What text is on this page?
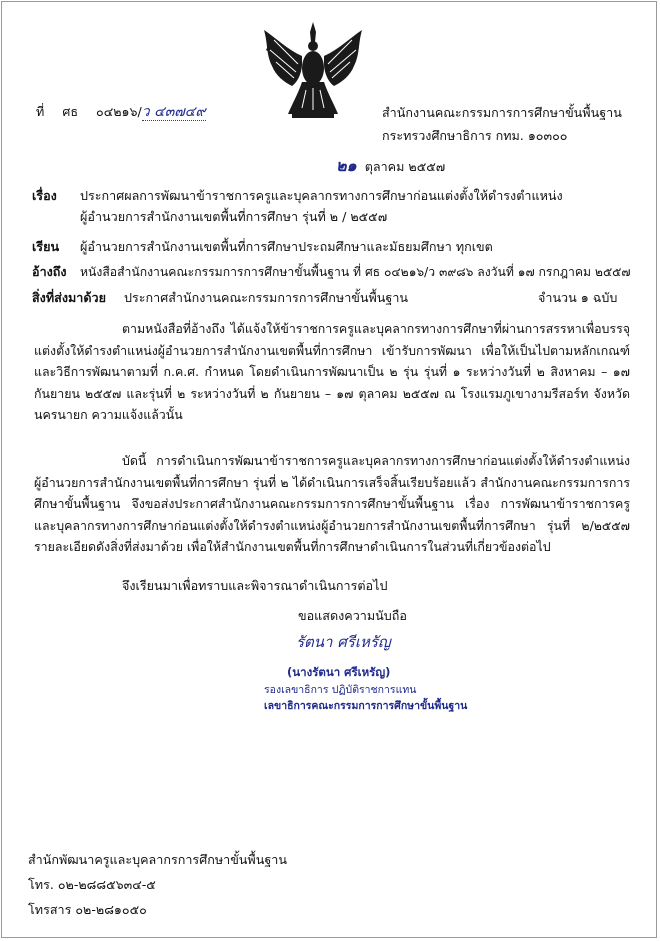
ที่ ศธ ๐๔๒๑๖/ว ๔๓๗๔๙	สำนักงานคณะกรรมการการศึกษาขั้นพื้นฐาน
กระทรวงศึกษาธิการ กทม. ๑๐๓๐๐
๒๑ ตุลาคม ๒๕๕๗
เรื่อง ประกาศผลการพัฒนาข้าราชการครูและบุคลากรทางการศึกษาก่อนแต่งตั้งให้ดำรงตำแหน่ง
ผู้อำนวยการสำนักงานเขตพื้นที่การศึกษา รุ่นที่ ๒ / ๒๕๕๗
เรียน ผู้อำนวยการสำนักงานเขตพื้นที่การศึกษาประถมศึกษาและมัธยมศึกษา ทุกเขต
อ้างถึง หนังสือสำนักงานคณะกรรมการการศึกษาขั้นพื้นฐาน ที่ ศธ ๐๔๒๑๖/ว ๓๙๘๖ ลงวันที่ ๑๗ กรกฎาคม ๒๕๕๗
สิ่งที่ส่งมาด้วย ประกาศสำนักงานคณะกรรมการการศึกษาขั้นพื้นฐาน	จำนวน ๑ ฉบับ
ตามหนังสือที่อ้างถึง ได้แจ้งให้ข้าราชการครูและบุคลากรทางการศึกษาที่ผ่านการสรรหาเพื่อบรรจุแต่งตั้งให้ดำรงตำแหน่งผู้อำนวยการสำนักงานเขตพื้นที่การศึกษา เข้ารับการพัฒนา เพื่อให้เป็นไปตามหลักเกณฑ์และวิธีการพัฒนาตามที่ ก.ค.ศ. กำหนด โดยดำเนินการพัฒนาเป็น ๒ รุ่น รุ่นที่ ๑ ระหว่างวันที่ ๒ สิงหาคม – ๑๗ กันยายน ๒๕๕๗ และรุ่นที่ ๒ ระหว่างวันที่ ๒ กันยายน – ๑๗ ตุลาคม ๒๕๕๗ ณ โรงแรมภูเขางามรีสอร์ท จังหวัดนครนายก ความแจ้งแล้วนั้น
บัดนี้ การดำเนินการพัฒนาข้าราชการครูและบุคลากรทางการศึกษาก่อนแต่งตั้งให้ดำรงตำแหน่งผู้อำนวยการสำนักงานเขตพื้นที่การศึกษา รุ่นที่ ๒ ได้ดำเนินการเสร็จสิ้นเรียบร้อยแล้ว สำนักงานคณะกรรมการการศึกษาขั้นพื้นฐาน จึงขอส่งประกาศสำนักงานคณะกรรมการการศึกษาขั้นพื้นฐาน เรื่อง การพัฒนาข้าราชการครูและบุคลากรทางการศึกษาก่อนแต่งตั้งให้ดำรงตำแหน่งผู้อำนวยการสำนักงานเขตพื้นที่การศึกษา รุ่นที่ ๒/๒๕๕๗ รายละเอียดดังสิ่งที่ส่งมาด้วย เพื่อให้สำนักงานเขตพื้นที่การศึกษาดำเนินการในส่วนที่เกี่ยวข้องต่อไป
จึงเรียนมาเพื่อทราบและพิจารณาดำเนินการต่อไป
ขอแสดงความนับถือ
รัตนา ศรีเหรัญ
(นางรัตนา ศรีเหรัญ)
รองเลขาธิการ ปฏิบัติราชการแทน
เลขาธิการคณะกรรมการการศึกษาขั้นพื้นฐาน
สำนักพัฒนาครูและบุคลากรการศึกษาขั้นพื้นฐาน
โทร. ๐๒-๒๘๘๕๖๓๔-๕
โทรสาร ๐๒-๒๘๑๐๕๐
